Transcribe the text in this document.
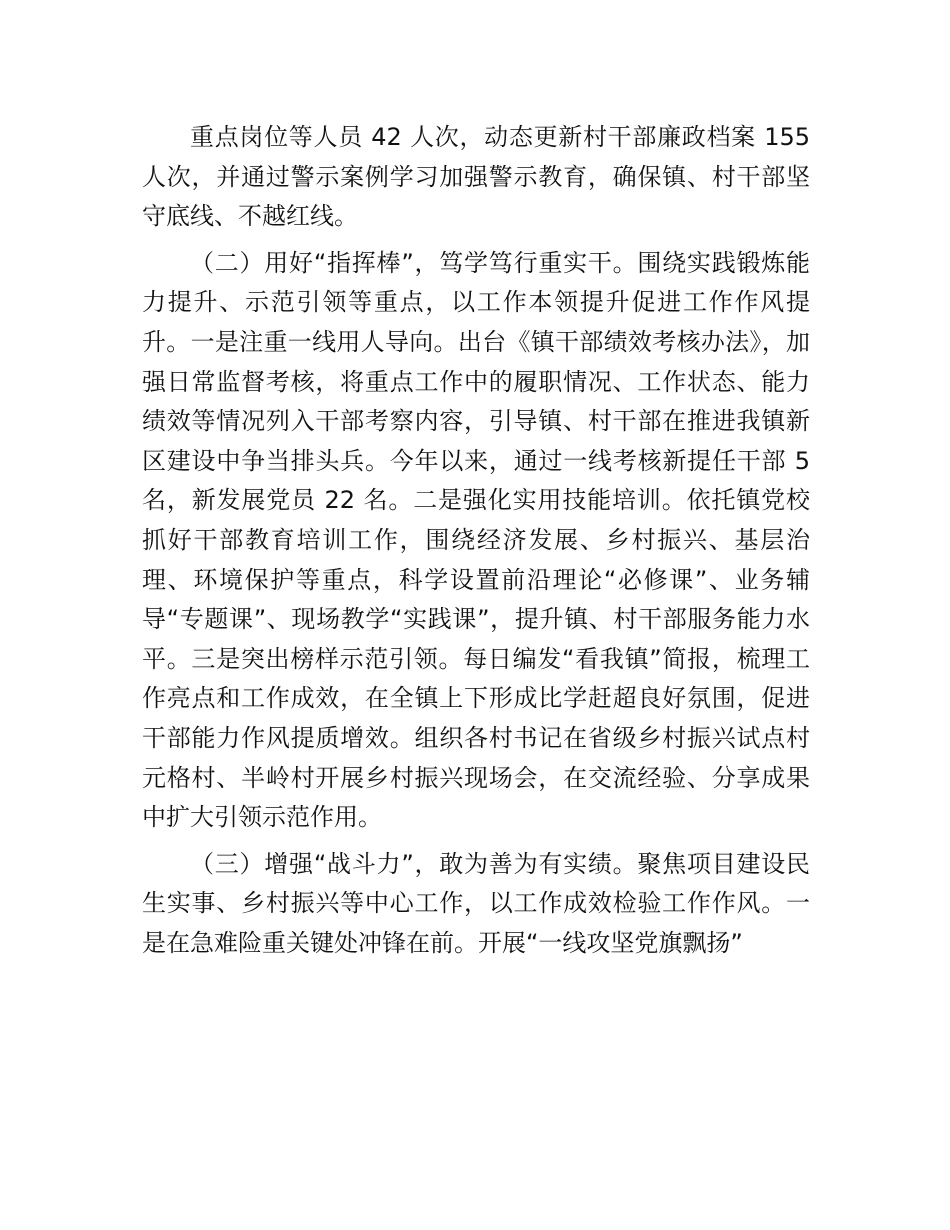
重点岗位等人员 42 人次，动态更新村干部廉政档案 155 人次，并通过警示案例学习加强警示教育，确保镇、村干部坚守底线、不越红线。

（二）用好“指挥棒”，笃学笃行重实干。围绕实践锻炼能力提升、示范引领等重点，以工作本领提升促进工作作风提升。一是注重一线用人导向。出台《镇干部绩效考核办法》，加强日常监督考核，将重点工作中的履职情况、工作状态、能力绩效等情况列入干部考察内容，引导镇、村干部在推进我镇新区建设中争当排头兵。今年以来，通过一线考核新提任干部 5 名，新发展党员 22 名。二是强化实用技能培训。依托镇党校抓好干部教育培训工作，围绕经济发展、乡村振兴、基层治理、环境保护等重点，科学设置前沿理论“必修课”、业务辅导“专题课”、现场教学“实践课”，提升镇、村干部服务能力水平。三是突出榜样示范引领。每日编发“看我镇”简报，梳理工作亮点和工作成效，在全镇上下形成比学赶超良好氛围，促进干部能力作风提质增效。组织各村书记在省级乡村振兴试点村元格村、半岭村开展乡村振兴现场会，在交流经验、分享成果中扩大引领示范作用。

（三）增强“战斗力”，敢为善为有实绩。聚焦项目建设民生实事、乡村振兴等中心工作，以工作成效检验工作作风。一是在急难险重关键处冲锋在前。开展“一线攻坚党旗飘扬”
